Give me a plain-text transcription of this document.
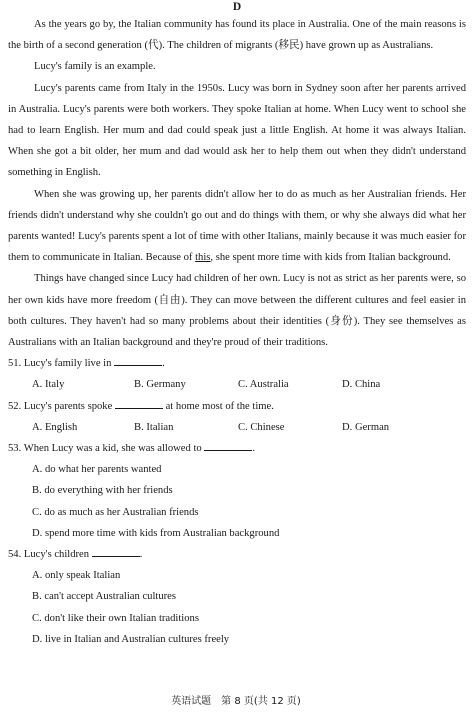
D

As the years go by, the Italian community has found its place in Australia. One of the main reasons is the birth of a second generation (代). The children of migrants (移民) have grown up as Australians.

Lucy's family is an example.

Lucy's parents came from Italy in the 1950s. Lucy was born in Sydney soon after her parents arrived in Australia. Lucy's parents were both workers. They spoke Italian at home. When Lucy went to school she had to learn English. Her mum and dad could speak just a little English. At home it was always Italian. When she got a bit older, her mum and dad would ask her to help them out when they didn't understand something in English.

When she was growing up, her parents didn't allow her to do as much as her Australian friends. Her friends didn't understand why she couldn't go out and do things with them, or why she always did what her parents wanted! Lucy's parents spent a lot of time with other Italians, mainly because it was much easier for them to communicate in Italian. Because of this, she spent more time with kids from Italian background.

Things have changed since Lucy had children of her own. Lucy is not as strict as her parents were, so her own kids have more freedom (自由). They can move between the different cultures and feel easier in both cultures. They haven't had so many problems about their identities (身份). They see themselves as Australians with an Italian background and they're proud of their traditions.

51. Lucy's family live in	.

A. Italy	B. Germany	C. Australia	D. China

52. Lucy's parents spoke	at home most of the time.

A. English	B. Italian	C. Chinese	D. German

53. When Lucy was a kid, she was allowed to	.

A. do what her parents wanted

B. do everything with her friends

C. do as much as her Australian friends

D. spend more time with kids from Australian background

54. Lucy's children	.

A. only speak Italian

B. can't accept Australian cultures

C. don't like their own Italian traditions

D. live in Italian and Australian cultures freely

英语试题　第 8 页(共 12 页)
